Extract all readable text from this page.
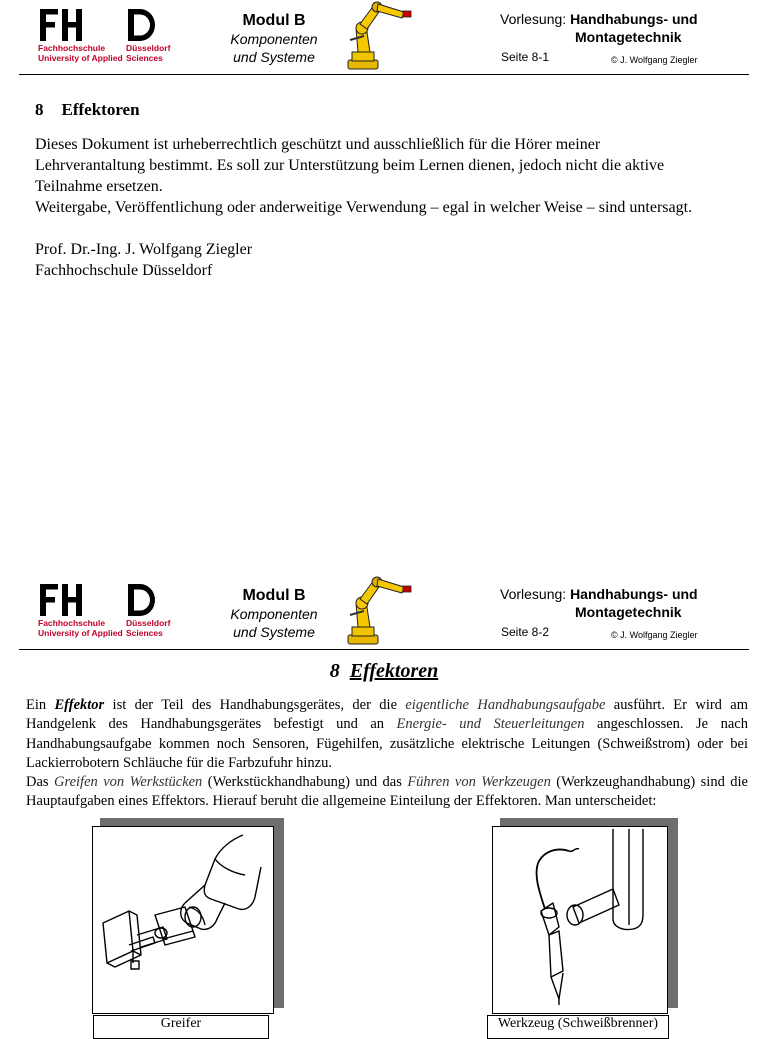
Fachhochschule Düsseldorf
University of Applied Sciences
Modul B
Komponenten
und Systeme
Vorlesung: Handhabungs- und
Montagetechnik
Seite 8-1	© J. Wolfgang Ziegler
8 Effektoren
Dieses Dokument ist urheberrechtlich geschützt und ausschließlich für die Hörer meiner Lehrverantaltung bestimmt. Es soll zur Unterstützung beim Lernen dienen, jedoch nicht die aktive Teilnahme ersetzen.
Weitergabe, Veröffentlichung oder anderweitige Verwendung – egal in welcher Weise – sind untersagt.
Prof. Dr.-Ing. J. Wolfgang Ziegler
Fachhochschule Düsseldorf
Fachhochschule Düsseldorf
University of Applied Sciences
Modul B
Komponenten
und Systeme
Vorlesung: Handhabungs- und
Montagetechnik
Seite 8-2	© J. Wolfgang Ziegler
8 Effektoren
Ein Effektor ist der Teil des Handhabungsgerätes, der die eigentliche Handhabungsaufgabe ausführt. Er wird am Handgelenk des Handhabungsgerätes befestigt und an Energie- und Steuerleitungen angeschlossen. Je nach Handhabungsaufgabe kommen noch Sensoren, Fügehilfen, zusätzliche elektrische Leitungen (Schweißstrom) oder bei Lackierrobotern Schläuche für die Farbzufuhr hinzu.
Das Greifen von Werkstücken (Werkstückhandhabung) und das Führen von Werkzeugen (Werkzeughandhabung) sind die Hauptaufgaben eines Effektors. Hierauf beruht die allgemeine Einteilung der Effektoren. Man unterscheidet:
Greifer	Werkzeug (Schweißbrenner)
